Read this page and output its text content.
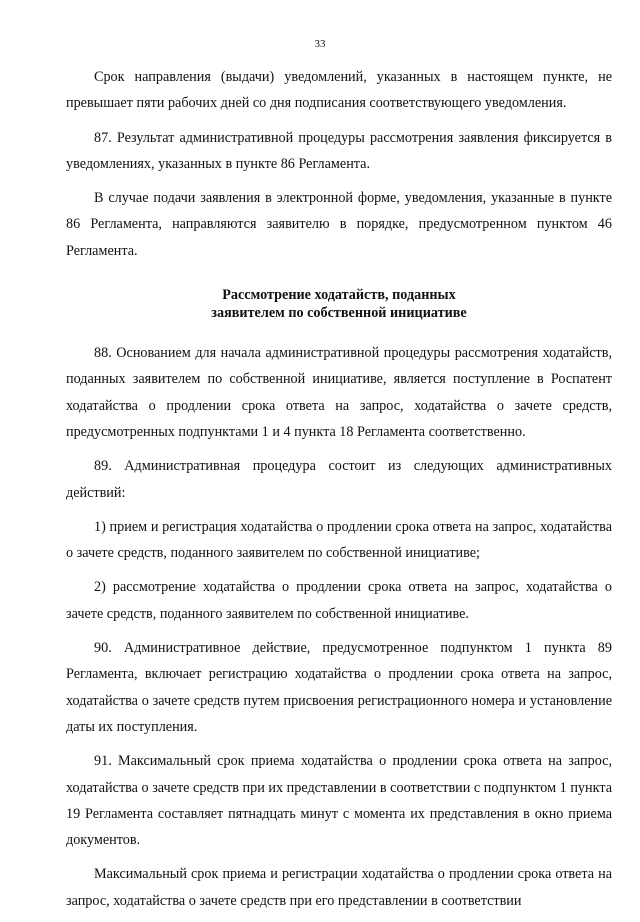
33

Срок направления (выдачи) уведомлений, указанных в настоящем пункте, не превышает пяти рабочих дней со дня подписания соответствующего уведомления.

87. Результат административной процедуры рассмотрения заявления фиксируется в уведомлениях, указанных в пункте 86 Регламента.

В случае подачи заявления в электронной форме, уведомления, указанные в пункте 86 Регламента, направляются заявителю в порядке, предусмотренном пунктом 46 Регламента.

Рассмотрение ходатайств, поданных
заявителем по собственной инициативе

88. Основанием для начала административной процедуры рассмотрения ходатайств, поданных заявителем по собственной инициативе, является поступление в Роспатент ходатайства о продлении срока ответа на запрос, ходатайства о зачете средств, предусмотренных подпунктами 1 и 4 пункта 18 Регламента соответственно.

89. Административная процедура состоит из следующих административных действий:

1) прием и регистрация ходатайства о продлении срока ответа на запрос, ходатайства о зачете средств, поданного заявителем по собственной инициативе;

2) рассмотрение ходатайства о продлении срока ответа на запрос, ходатайства о зачете средств, поданного заявителем по собственной инициативе.

90. Административное действие, предусмотренное подпунктом 1 пункта 89 Регламента, включает регистрацию ходатайства о продлении срока ответа на запрос, ходатайства о зачете средств путем присвоения регистрационного номера и установление даты их поступления.

91. Максимальный срок приема ходатайства о продлении срока ответа на запрос, ходатайства о зачете средств при их представлении в соответствии с подпунктом 1 пункта 19 Регламента составляет пятнадцать минут с момента их представления в окно приема документов.

Максимальный срок приема и регистрации ходатайства о продлении срока ответа на запрос, ходатайства о зачете средств при его представлении в соответствии
